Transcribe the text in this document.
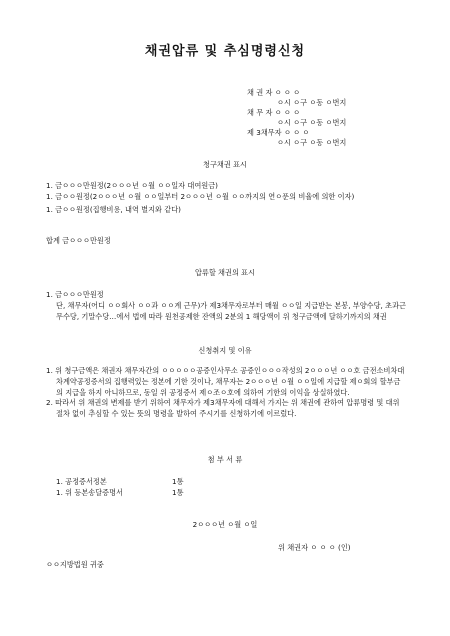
채권압류 및 추심명령신청
채 권 자 ㅇ ㅇ ㅇ
ㅇ시 ㅇ구 ㅇ동 ㅇ번지
채 무 자 ㅇ ㅇ ㅇ
ㅇ시 ㅇ구 ㅇ동 ㅇ번지
제 3채무자 ㅇ ㅇ ㅇ
ㅇ시 ㅇ구 ㅇ동 ㅇ번지
청구채권 표시
1. 금ㅇㅇㅇ만원정(2ㅇㅇㅇ년 ㅇ월 ㅇㅇ일자 대여원금)
1. 금ㅇㅇ원정(2ㅇㅇㅇ년 ㅇ월 ㅇㅇ일부터 2ㅇㅇㅇ년 ㅇ월 ㅇㅇ까지의 연ㅇ푼의 비율에 의한 이자)
1. 금ㅇㅇ원정(집행비용, 내역 별지와 같다)
합계 금ㅇㅇㅇ만원정
압류할 채권의 표시
1. 금ㅇㅇㅇ만원정
단, 채무자(어디 ㅇㅇ회사 ㅇㅇ과 ㅇㅇ계 근무)가 제3채무자로부터 매월 ㅇㅇ일 지급받는 본봉, 부양수당, 초과근무수당, 기말수당…에서 법에 따라 원천공제한 잔액의 2분의 1 해당액이 위 청구금액에 달하기까지의 채권
신청취지 및 이유
1. 위 청구금액은 채권자 채무자간의 ㅇㅇㅇㅇㅇ공증인사무소 공증인ㅇㅇㅇ작성의 2ㅇㅇㅇ년 ㅇㅇ호 금전소비차대차계약공정증서의 집행력있는 정본에 기한 것이나, 채무자는 2ㅇㅇㅇ년 ㅇ월 ㅇㅇ일에 지급할 제ㅇ회의 할부금의 지급을 하지 아니하므로, 동일 위 공정증서 제ㅇ조ㅇ호에 의하여 기한의 이익을 상실하였다.
2. 따라서 위 채권의 변제를 받기 위하여 채무자가 제3채무자에 대해서 가지는 위 채권에 관하여 압류명령 및 대위절차 없이 추심할 수 있는 뜻의 명령을 발하여 주시기를 신청하기에 이르렀다.
첨 부 서 류
1. 공정증서정본	1통
1. 위 등본송달증명서	1통
2ㅇㅇㅇ년 ㅇ월 ㅇ일
위 채권자 ㅇ ㅇ ㅇ (인)
ㅇㅇ지방법원 귀중
